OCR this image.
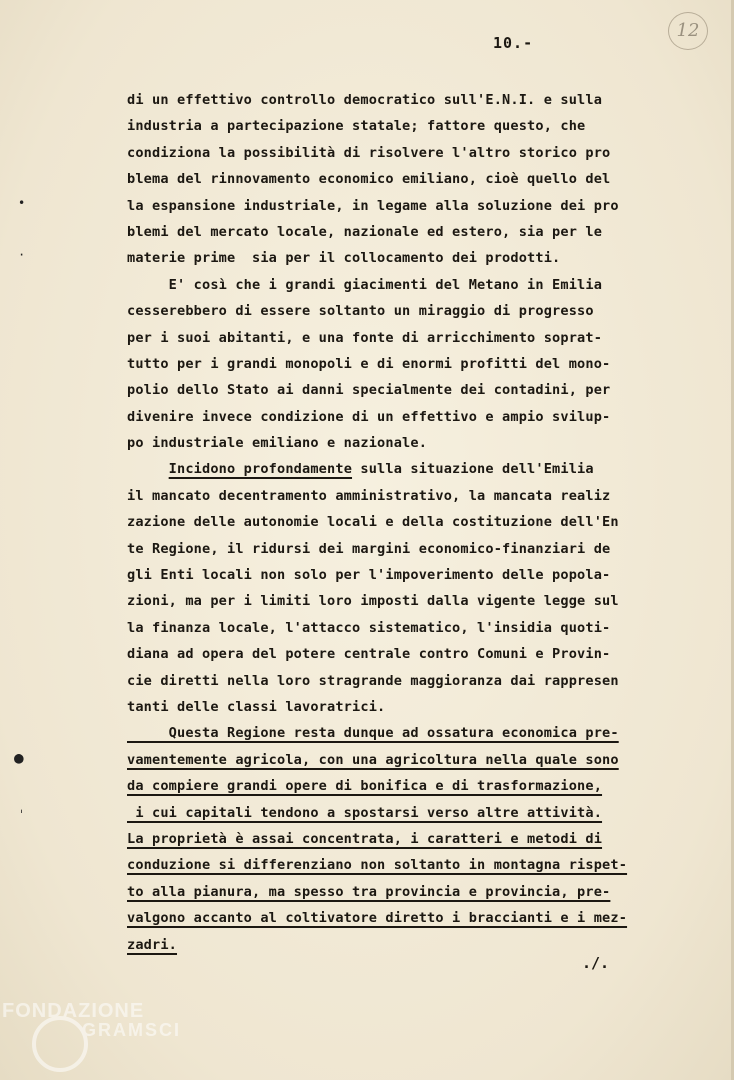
10.-
12
•
·
●
ˌ
di un effettivo controllo democratico sull'E.N.I. e sulla
industria a partecipazione statale; fattore questo, che
condiziona la possibilità di risolvere l'altro storico pro
blema del rinnovamento economico emiliano, cioè quello del
la espansione industriale, in legame alla soluzione dei pro
blemi del mercato locale, nazionale ed estero, sia per le
materie prime  sia per il collocamento dei prodotti.
E' così che i grandi giacimenti del Metano in Emilia
cesserebbero di essere soltanto un miraggio di progresso
per i suoi abitanti, e una fonte di arricchimento soprat-
tutto per i grandi monopoli e di enormi profitti del mono-
polio dello Stato ai danni specialmente dei contadini, per
divenire invece condizione di un effettivo e ampio svilup-
po industriale emiliano e nazionale.
Incidono profondamente sulla situazione dell'Emilia
il mancato decentramento amministrativo, la mancata realiz
zazione delle autonomie locali e della costituzione dell'En
te Regione, il ridursi dei margini economico-finanziari de
gli Enti locali non solo per l'impoverimento delle popola-
zioni, ma per i limiti loro imposti dalla vigente legge sul
la finanza locale, l'attacco sistematico, l'insidia quoti-
diana ad opera del potere centrale contro Comuni e Provin-
cie diretti nella loro stragrande maggioranza dai rappresen
tanti delle classi lavoratrici.
Questa Regione resta dunque ad ossatura economica pre-
vamentemente agricola, con una agricoltura nella quale sono
da compiere grandi opere di bonifica e di trasformazione,
i cui capitali tendono a spostarsi verso altre attività.
La proprietà è assai concentrata, i caratteri e metodi di
conduzione si differenziano non soltanto in montagna rispet-
to alla pianura, ma spesso tra provincia e provincia, pre-
valgono accanto al coltivatore diretto i braccianti e i mez-
zadri.
./.
FONDAZIONE
GRAMSCI
